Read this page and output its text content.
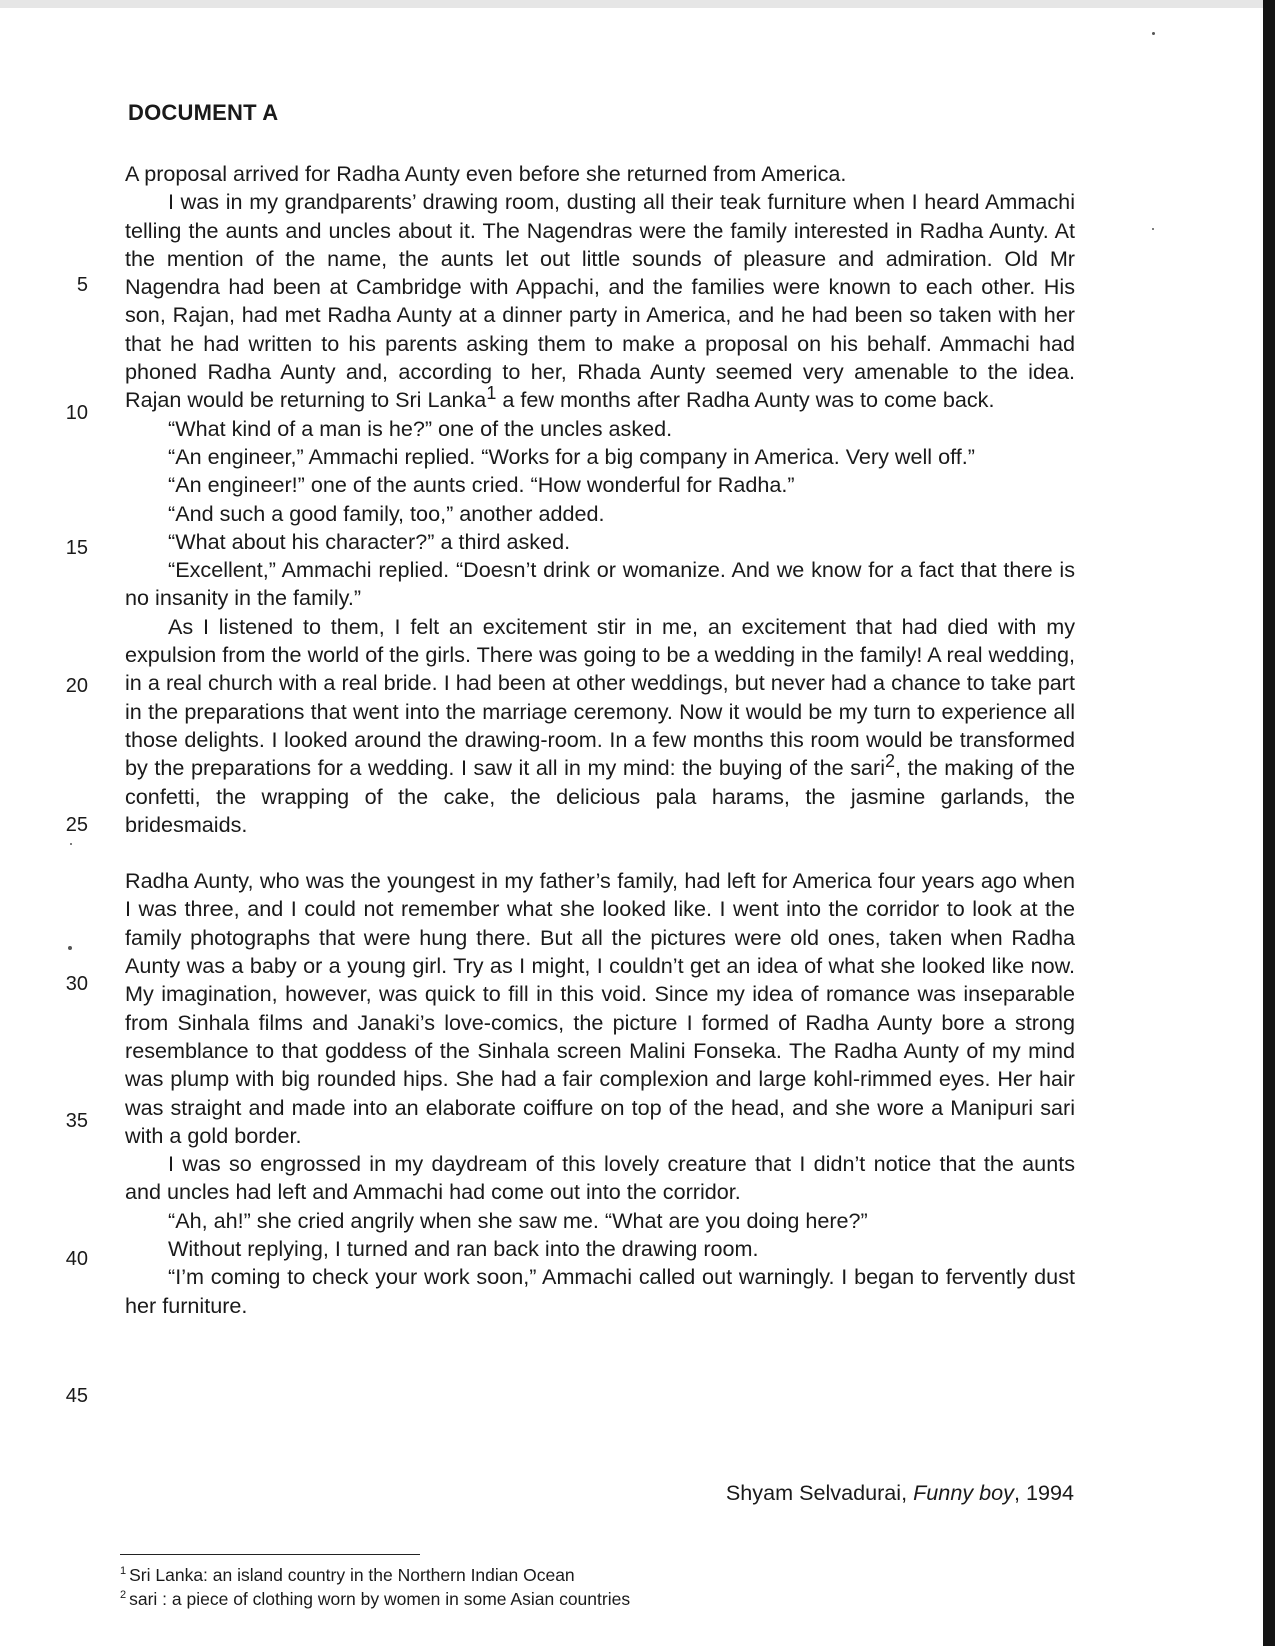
DOCUMENT A

A proposal arrived for Radha Aunty even before she returned from America.

I was in my grandparents’ drawing room, dusting all their teak furniture when I heard Ammachi telling the aunts and uncles about it. The Nagendras were the family interested in Radha Aunty. At the mention of the name, the aunts let out little sounds of pleasure and admiration. Old Mr Nagendra had been at Cambridge with Appachi, and the families were known to each other. His son, Rajan, had met Radha Aunty at a dinner party in America, and he had been so taken with her that he had written to his parents asking them to make a proposal on his behalf. Ammachi had phoned Radha Aunty and, according to her, Rhada Aunty seemed very amenable to the idea. Rajan would be returning to Sri Lanka$^1$ a few months after Radha Aunty was to come back.

“What kind of a man is he?” one of the uncles asked.

“An engineer,” Ammachi replied. “Works for a big company in America. Very well off.”

“An engineer!” one of the aunts cried. “How wonderful for Radha.”

“And such a good family, too,” another added.

“What about his character?” a third asked.

“Excellent,” Ammachi replied. “Doesn’t drink or womanize. And we know for a fact that there is no insanity in the family.”

As I listened to them, I felt an excitement stir in me, an excitement that had died with my expulsion from the world of the girls. There was going to be a wedding in the family! A real wedding, in a real church with a real bride. I had been at other weddings, but never had a chance to take part in the preparations that went into the marriage ceremony. Now it would be my turn to experience all those delights. I looked around the drawing-room. In a few months this room would be transformed by the preparations for a wedding. I saw it all in my mind: the buying of the sari$^2$, the making of the confetti, the wrapping of the cake, the delicious pala harams, the jasmine garlands, the bridesmaids.

Radha Aunty, who was the youngest in my father’s family, had left for America four years ago when I was three, and I could not remember what she looked like. I went into the corridor to look at the family photographs that were hung there. But all the pictures were old ones, taken when Radha Aunty was a baby or a young girl. Try as I might, I couldn’t get an idea of what she looked like now. My imagination, however, was quick to fill in this void. Since my idea of romance was inseparable from Sinhala films and Janaki’s love-comics, the picture I formed of Radha Aunty bore a strong resemblance to that goddess of the Sinhala screen Malini Fonseka. The Radha Aunty of my mind was plump with big rounded hips. She had a fair complexion and large kohl-rimmed eyes. Her hair was straight and made into an elaborate coiffure on top of the head, and she wore a Manipuri sari with a gold border.

I was so engrossed in my daydream of this lovely creature that I didn’t notice that the aunts and uncles had left and Ammachi had come out into the corridor.

“Ah, ah!” she cried angrily when she saw me. “What are you doing here?”

Without replying, I turned and ran back into the drawing room.

“I’m coming to check your work soon,” Ammachi called out warningly. I began to fervently dust her furniture.

5
10
15
20
25
30
35
40
45
Shyam Selvadurai, Funny boy, 1994
$^1$ Sri Lanka: an island country in the Northern Indian Ocean
$^2$ sari : a piece of clothing worn by women in some Asian countries
